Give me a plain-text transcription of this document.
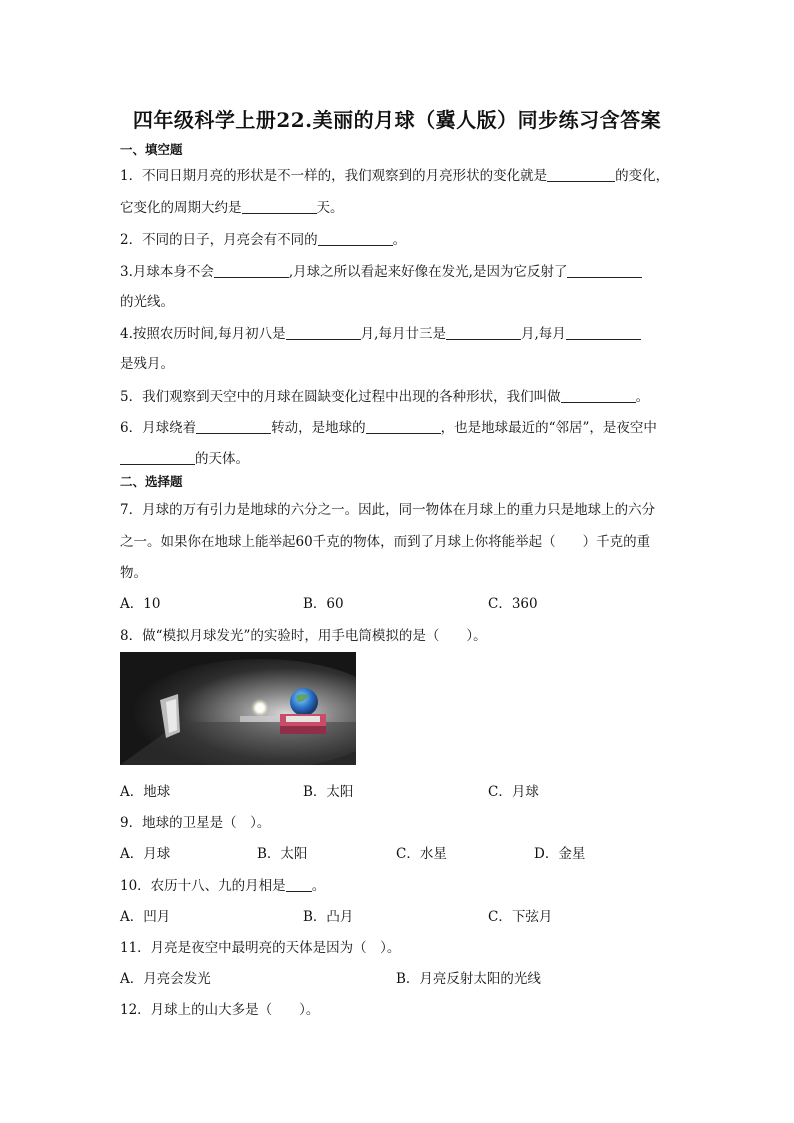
四年级科学上册22.美丽的月球（冀人版）同步练习含答案
一、填空题
1．不同日期月亮的形状是不一样的，我们观察到的月亮形状的变化就是	的变化，
它变化的周期大约是	天。
2．不同的日子，月亮会有不同的	。
3.月球本身不会	,月球之所以看起来好像在发光,是因为它反射了
的光线。
4.按照农历时间,每月初八是	月,每月廿三是	月,每月
是残月。
5．我们观察到天空中的月球在圆缺变化过程中出现的各种形状，我们叫做	。
6．月球绕着	转动，是地球的	，也是地球最近的“邻居”，是夜空中
的天体。
二、选择题
7．月球的万有引力是地球的六分之一。因此，同一物体在月球上的重力只是地球上的六分
之一。如果你在地球上能举起60千克的物体，而到了月球上你将能举起（　　）千克的重
物。
A．10	B．60	C．360
8．做“模拟月球发光”的实验时，用手电筒模拟的是（　　）。
A．地球	B．太阳	C．月球
9．地球的卫星是（　）。
A．月球	B．太阳	C．水星	D．金星
10．农历十八、九的月相是 。
A．凹月	B．凸月	C．下弦月
11．月亮是夜空中最明亮的天体是因为（　）。
A．月亮会发光	B．月亮反射太阳的光线
12．月球上的山大多是（　　）。
